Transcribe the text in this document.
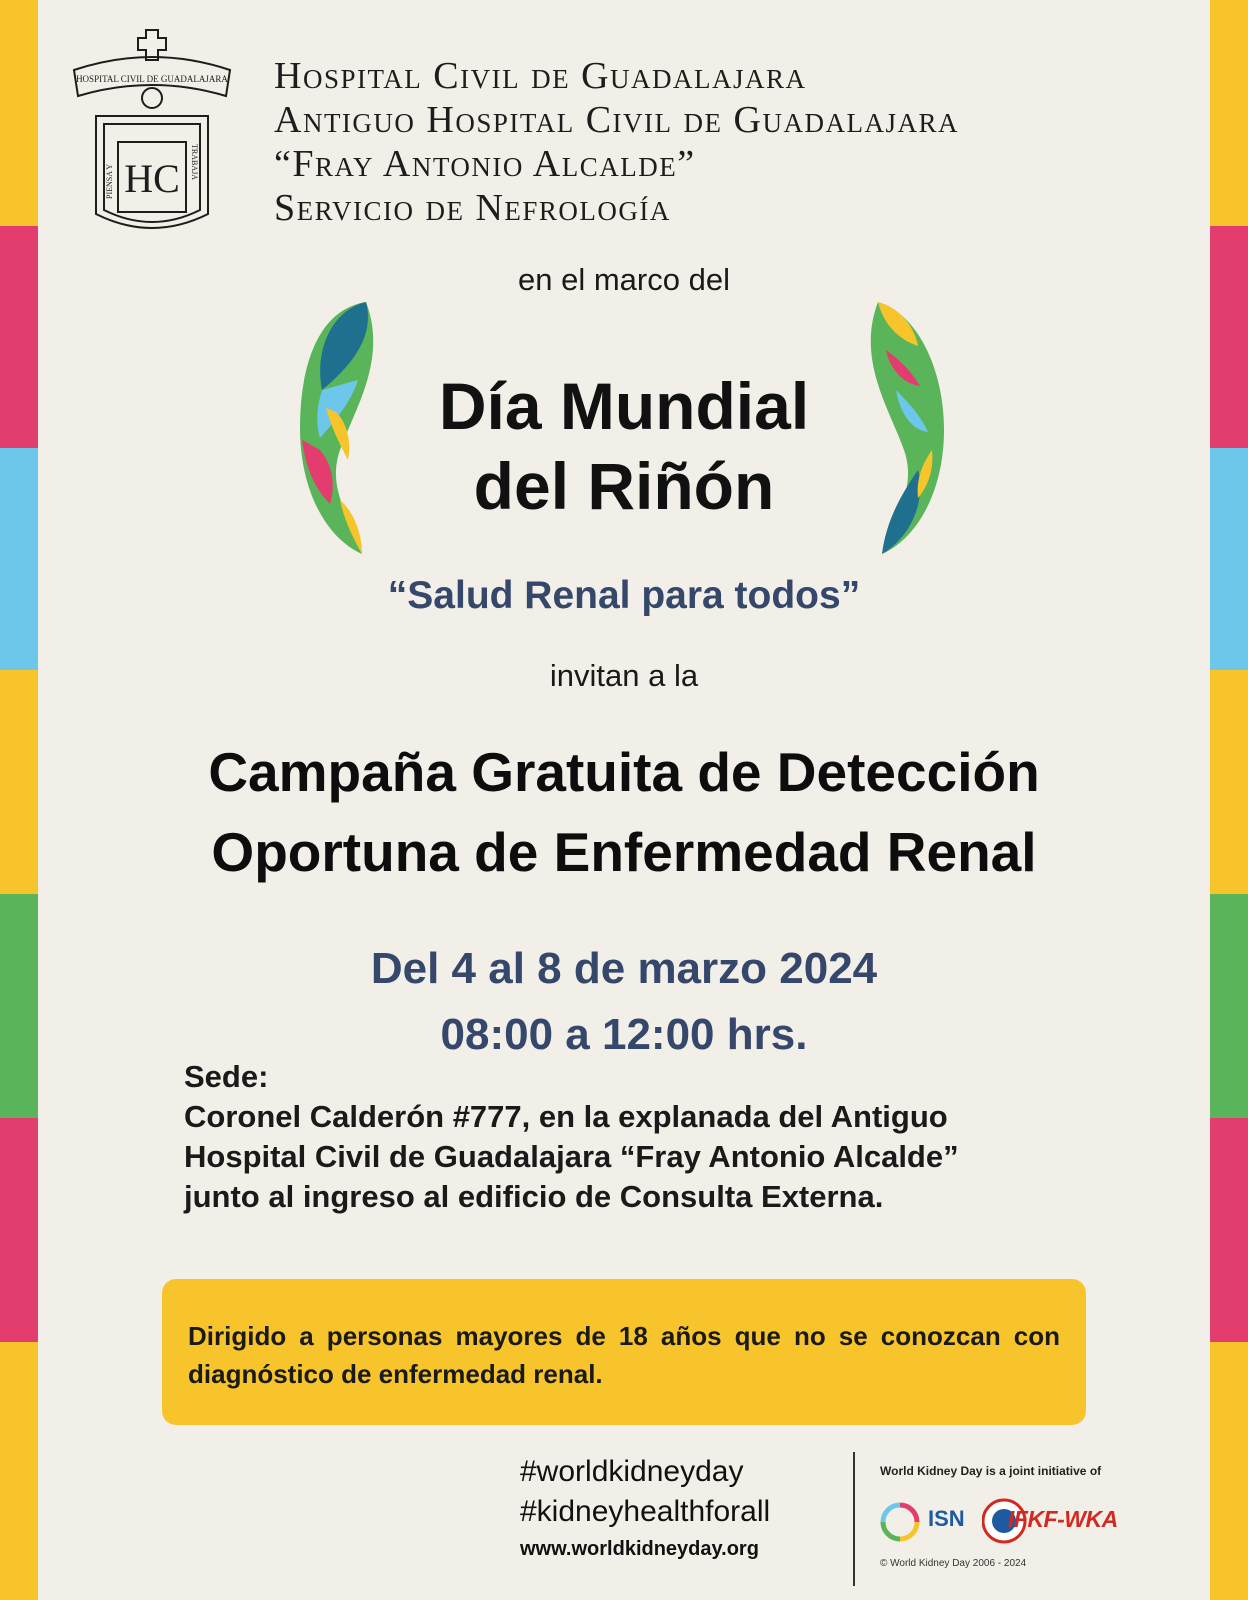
HOSPITAL CIVIL DE GUADALAJARA
HC
PIENSA Y
TRABAJA
Hospital Civil de Guadalajara
Antiguo Hospital Civil de Guadalajara
“Fray Antonio Alcalde”
Servicio de Nefrología
en el marco del
Día Mundial
del Riñón
“Salud Renal para todos”
invitan a la
Campaña Gratuita de Detección
Oportuna de Enfermedad Renal
Del 4 al 8 de marzo 2024
08:00 a 12:00 hrs.
Sede:
Coronel Calderón #777, en la explanada del Antiguo
Hospital Civil de Guadalajara “Fray Antonio Alcalde”
junto al ingreso al edificio de Consulta Externa.

Dirigido a personas mayores de 18 años que no se conozcan con diagnóstico de enfermedad renal.

#worldkidneyday
#kidneyhealthforall
www.worldkidneyday.org
World Kidney Day is a joint initiative of
ISN IFKF-WKA
© World Kidney Day 2006 - 2024
